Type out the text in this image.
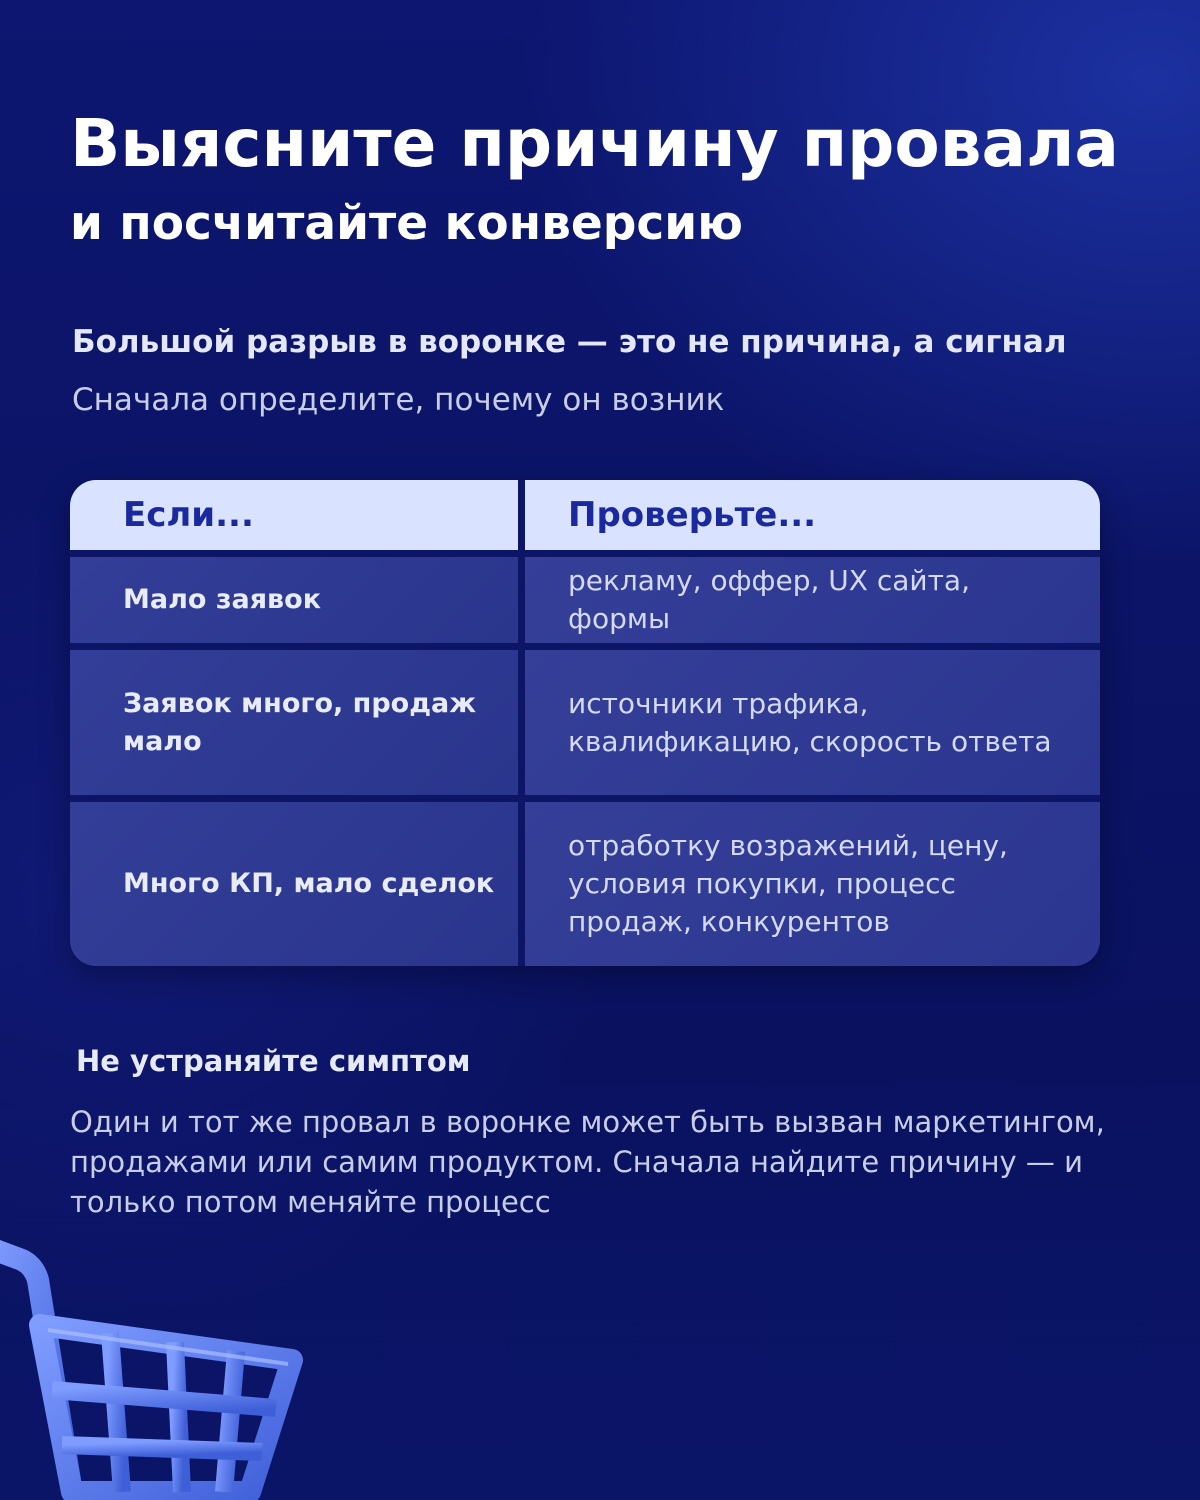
Выясните причину провала
и посчитайте конверсию
Большой разрыв в воронке — это не причина, а сигнал
Сначала определите, почему он возник
Если...	Проверьте...
Мало заявок
рекламу, оффер, UX сайта, формы
Заявок много, продаж мало
источники трафика, квалификацию, скорость ответа
Много КП, мало сделок
отработку возражений, цену, условия покупки, процесс продаж, конкурентов
Не устраняйте симптом
Один и тот же провал в воронке может быть вызван маркетингом, продажами или самим продуктом. Сначала найдите причину — и только потом меняйте процесс
